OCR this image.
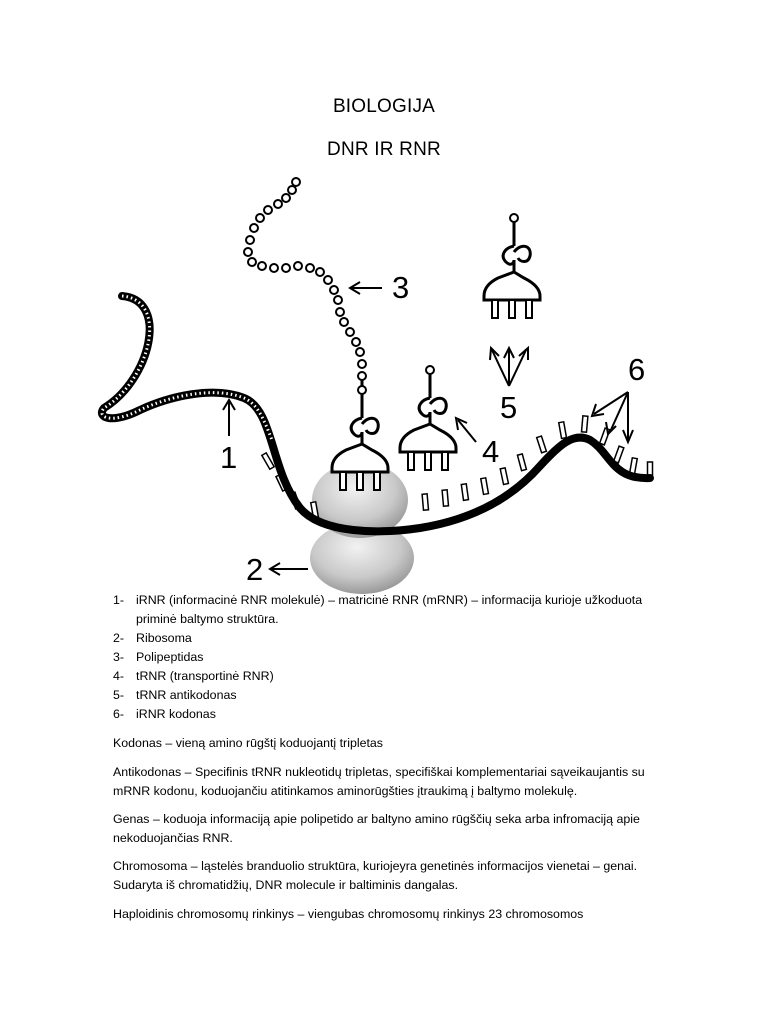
BIOLOGIJA
DNR IR RNR
1
2
3
4
5
6
1- iRNR (informacinė RNR molekulė) – matricinė RNR (mRNR) – informacija kurioje užkoduota priminė baltymo struktūra.
2- Ribosoma
3- Polipeptidas
4- tRNR (transportinė RNR)
5- tRNR antikodonas
6- iRNR kodonas

Kodonas – vieną amino rūgštį koduojantį tripletas

Antikodonas – Specifinis tRNR nukleotidų tripletas, specifiškai komplementariai sąveikaujantis su mRNR kodonu, koduojančiu atitinkamos aminorūgšties įtraukimą į baltymo molekulę.

Genas – koduoja informaciją apie polipetido ar baltyno amino rūgščių seka arba infromaciją apie nekoduojančias RNR.

Chromosoma – ląstelės branduolio struktūra, kuriojeyra genetinės informacijos vienetai – genai. Sudaryta iš chromatidžių, DNR molecule ir baltiminis dangalas.

Haploidinis chromosomų rinkinys – viengubas chromosomų rinkinys 23 chromosomos
